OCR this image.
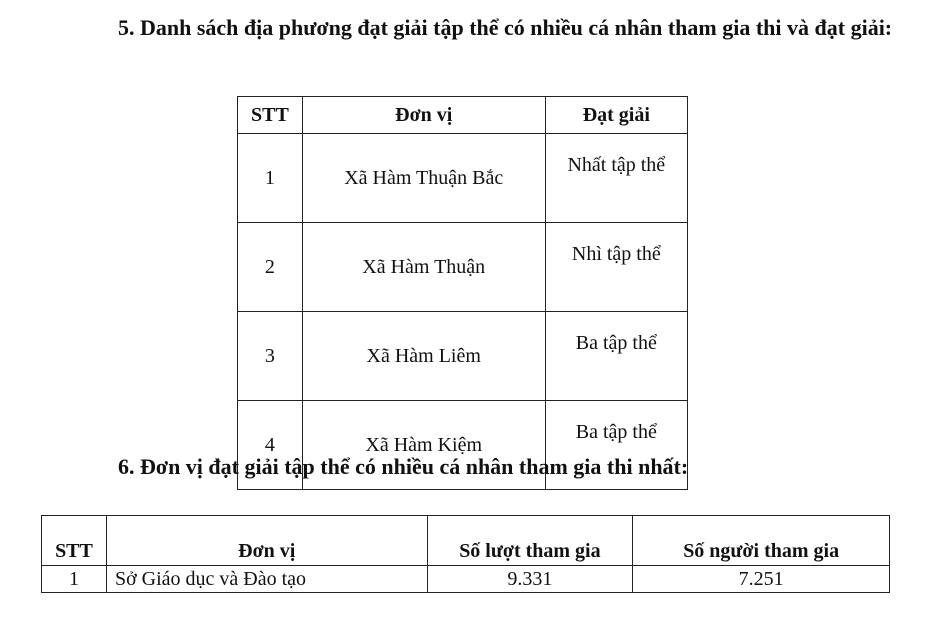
5. Danh sách địa phương đạt giải tập thể có nhiều cá nhân tham gia thi và đạt giải:

STT	Đơn vị	Đạt giải
1	Xã Hàm Thuận Bắc	Nhất tập thể
2	Xã Hàm Thuận	Nhì tập thể
3	Xã Hàm Liêm	Ba tập thể
4	Xã Hàm Kiệm	Ba tập thể

6. Đơn vị đạt giải tập thể có nhiều cá nhân tham gia thi nhất:

STT	Đơn vị	Số lượt tham gia	Số người tham gia
1	Sở Giáo dục và Đào tạo	9.331	7.251
